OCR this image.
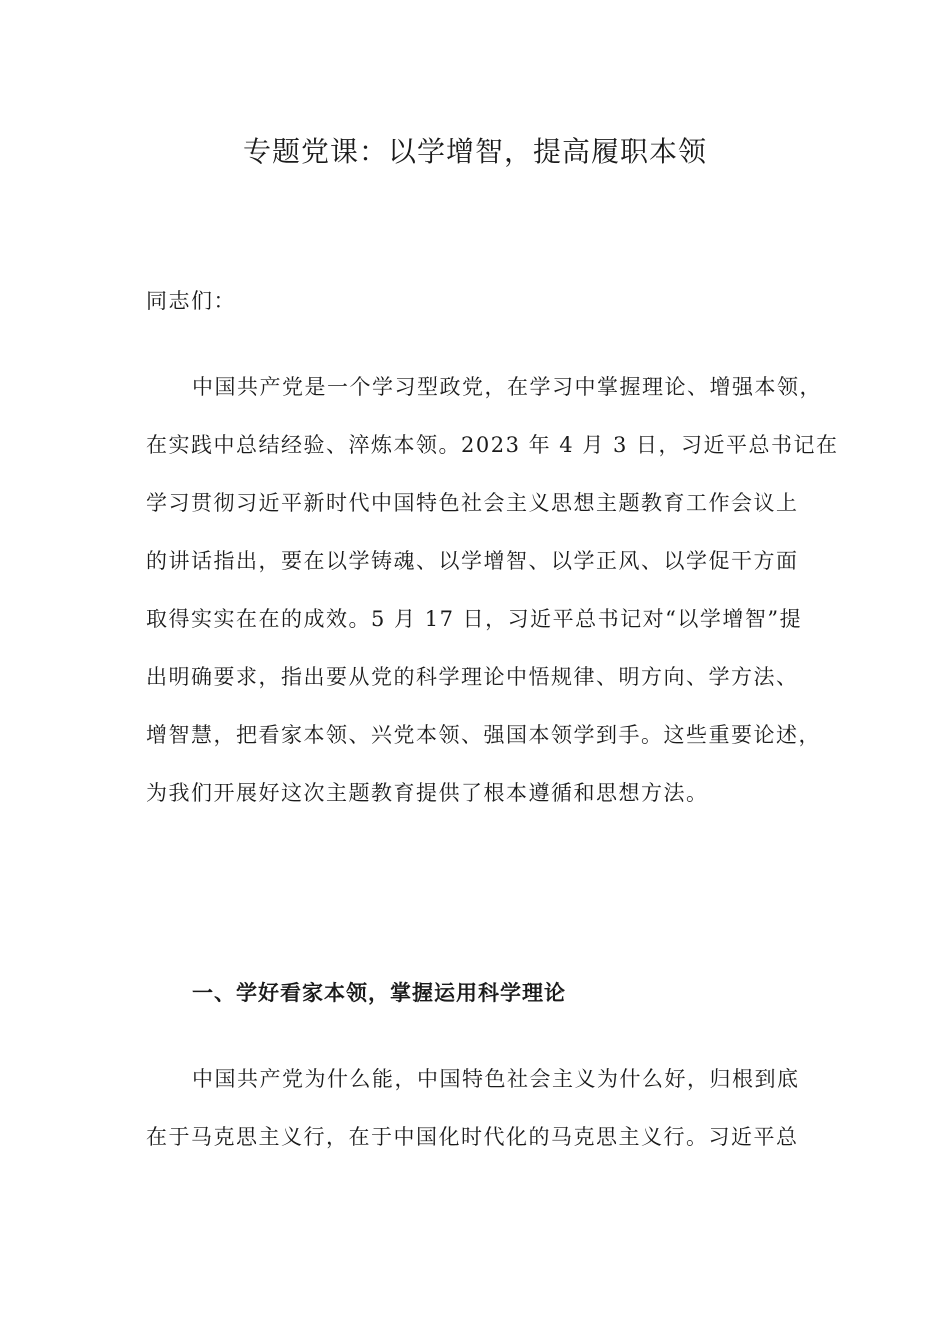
专题党课：以学增智，提高履职本领
同志们：
中国共产党是一个学习型政党，在学习中掌握理论、增强本领，
在实践中总结经验、淬炼本领。2023 年 4 月 3 日，习近平总书记在
学习贯彻习近平新时代中国特色社会主义思想主题教育工作会议上
的讲话指出，要在以学铸魂、以学增智、以学正风、以学促干方面
取得实实在在的成效。5 月 17 日，习近平总书记对“以学增智”提
出明确要求，指出要从党的科学理论中悟规律、明方向、学方法、
增智慧，把看家本领、兴党本领、强国本领学到手。这些重要论述，
为我们开展好这次主题教育提供了根本遵循和思想方法。
一、学好看家本领，掌握运用科学理论
中国共产党为什么能，中国特色社会主义为什么好，归根到底
在于马克思主义行，在于中国化时代化的马克思主义行。习近平总
